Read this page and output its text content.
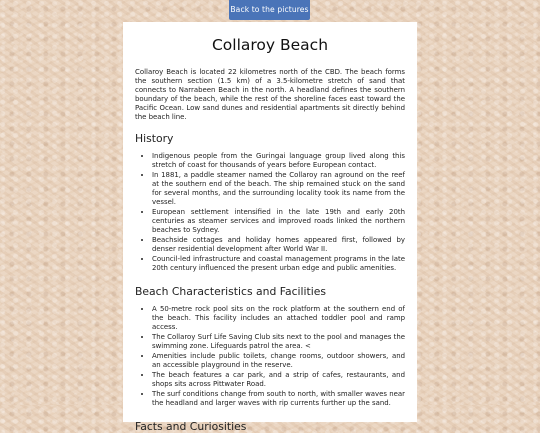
Back to the pictures
Collaroy Beach

Collaroy Beach is located 22 kilometres north of the CBD. The beach forms the southern section (1.5 km) of a 3.5-kilometre stretch of sand that connects to Narrabeen Beach in the north. A headland defines the southern boundary of the beach, while the rest of the shoreline faces east toward the Pacific Ocean. Low sand dunes and residential apartments sit directly behind the beach line.

History
• Indigenous people from the Guringai language group lived along this stretch of coast for thousands of years before European contact.
• In 1881, a paddle steamer named the Collaroy ran aground on the reef at the southern end of the beach. The ship remained stuck on the sand for several months, and the surrounding locality took its name from the vessel.
• European settlement intensified in the late 19th and early 20th centuries as steamer services and improved roads linked the northern beaches to Sydney.
• Beachside cottages and holiday homes appeared first, followed by denser residential development after World War II.
• Council-led infrastructure and coastal management programs in the late 20th century influenced the present urban edge and public amenities.
Beach Characteristics and Facilities
• A 50-metre rock pool sits on the rock platform at the southern end of the beach. This facility includes an attached toddler pool and ramp access.
• The Collaroy Surf Life Saving Club sits next to the pool and manages the swimming zone. Lifeguards patrol the area. <
• Amenities include public toilets, change rooms, outdoor showers, and an accessible playground in the reserve.
• The beach features a car park, and a strip of cafes, restaurants, and shops sits across Pittwater Road.
• The surf conditions change from south to north, with smaller waves near the headland and larger waves with rip currents further up the sand.
Facts and Curiosities
